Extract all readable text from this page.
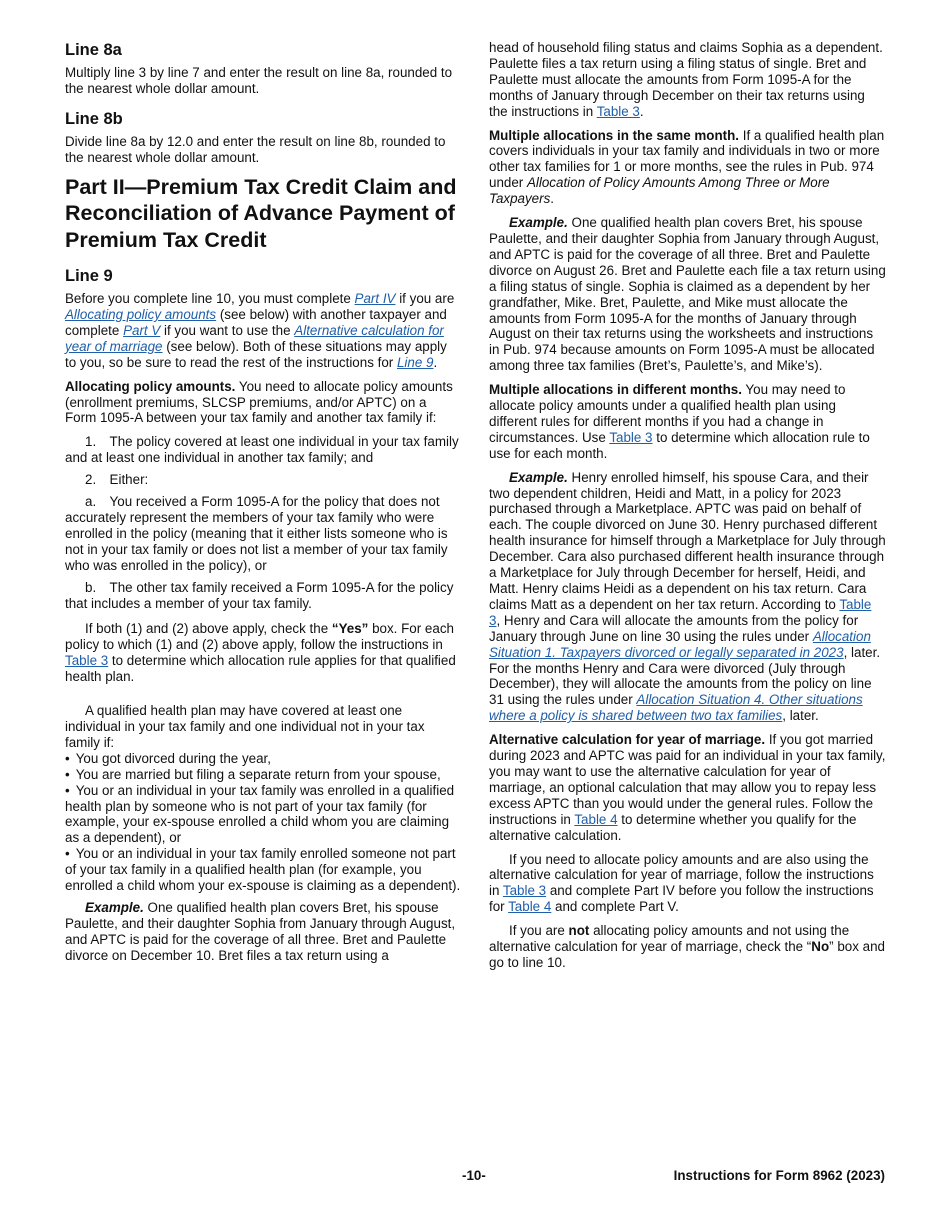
Line 8a

Multiply line 3 by line 7 and enter the result on line 8a, rounded to the nearest whole dollar amount.

Line 8b

Divide line 8a by 12.0 and enter the result on line 8b, rounded to the nearest whole dollar amount.

Part II—Premium Tax Credit Claim and Reconciliation of Advance Payment of Premium Tax Credit
Line 9

Before you complete line 10, you must complete Part IV if you are Allocating policy amounts (see below) with another taxpayer and complete Part V if you want to use the Alternative calculation for year of marriage (see below). Both of these situations may apply to you, so be sure to read the rest of the instructions for Line 9.

Allocating policy amounts. You need to allocate policy amounts (enrollment premiums, SLCSP premiums, and/or APTC) on a Form 1095-A between your tax family and another tax family if:

1. The policy covered at least one individual in your tax family and at least one individual in another tax family; and

2. Either:

a. You received a Form 1095-A for the policy that does not accurately represent the members of your tax family who were enrolled in the policy (meaning that it either lists someone who is not in your tax family or does not list a member of your tax family who was enrolled in the policy), or

b. The other tax family received a Form 1095-A for the policy that includes a member of your tax family.

If both (1) and (2) above apply, check the “Yes” box. For each policy to which (1) and (2) above apply, follow the instructions in Table 3 to determine which allocation rule applies for that qualified health plan.

A qualified health plan may have covered at least one individual in your tax family and one individual not in your tax family if:

• You got divorced during the year,
• You are married but filing a separate return from your spouse,
• You or an individual in your tax family was enrolled in a qualified health plan by someone who is not part of your tax family (for example, your ex-spouse enrolled a child whom you are claiming as a dependent), or
• You or an individual in your tax family enrolled someone not part of your tax family in a qualified health plan (for example, you enrolled a child whom your ex-spouse is claiming as a dependent).

Example. One qualified health plan covers Bret, his spouse Paulette, and their daughter Sophia from January through August, and APTC is paid for the coverage of all three. Bret and Paulette divorce on December 10. Bret files a tax return using a

head of household filing status and claims Sophia as a dependent. Paulette files a tax return using a filing status of single. Bret and Paulette must allocate the amounts from Form 1095-A for the months of January through December on their tax returns using the instructions in Table 3.

Multiple allocations in the same month. If a qualified health plan covers individuals in your tax family and individuals in two or more other tax families for 1 or more months, see the rules in Pub. 974 under Allocation of Policy Amounts Among Three or More Taxpayers.

Example. One qualified health plan covers Bret, his spouse Paulette, and their daughter Sophia from January through August, and APTC is paid for the coverage of all three. Bret and Paulette divorce on August 26. Bret and Paulette each file a tax return using a filing status of single. Sophia is claimed as a dependent by her grandfather, Mike. Bret, Paulette, and Mike must allocate the amounts from Form 1095-A for the months of January through August on their tax returns using the worksheets and instructions in Pub. 974 because amounts on Form 1095-A must be allocated among three tax families (Bret’s, Paulette’s, and Mike’s).

Multiple allocations in different months. You may need to allocate policy amounts under a qualified health plan using different rules for different months if you had a change in circumstances. Use Table 3 to determine which allocation rule to use for each month.

Example. Henry enrolled himself, his spouse Cara, and their two dependent children, Heidi and Matt, in a policy for 2023 purchased through a Marketplace. APTC was paid on behalf of each. The couple divorced on June 30. Henry purchased different health insurance for himself through a Marketplace for July through December. Cara also purchased different health insurance through a Marketplace for July through December for herself, Heidi, and Matt. Henry claims Heidi as a dependent on his tax return. Cara claims Matt as a dependent on her tax return. According to Table 3, Henry and Cara will allocate the amounts from the policy for January through June on line 30 using the rules under Allocation Situation 1. Taxpayers divorced or legally separated in 2023, later. For the months Henry and Cara were divorced (July through December), they will allocate the amounts from the policy on line 31 using the rules under Allocation Situation 4. Other situations where a policy is shared between two tax families, later.

Alternative calculation for year of marriage. If you got married during 2023 and APTC was paid for an individual in your tax family, you may want to use the alternative calculation for year of marriage, an optional calculation that may allow you to repay less excess APTC than you would under the general rules. Follow the instructions in Table 4 to determine whether you qualify for the alternative calculation.

If you need to allocate policy amounts and are also using the alternative calculation for year of marriage, follow the instructions in Table 3 and complete Part IV before you follow the instructions for Table 4 and complete Part V.

If you are not allocating policy amounts and not using the alternative calculation for year of marriage, check the “No” box and go to line 10.

-10-	Instructions for Form 8962 (2023)
